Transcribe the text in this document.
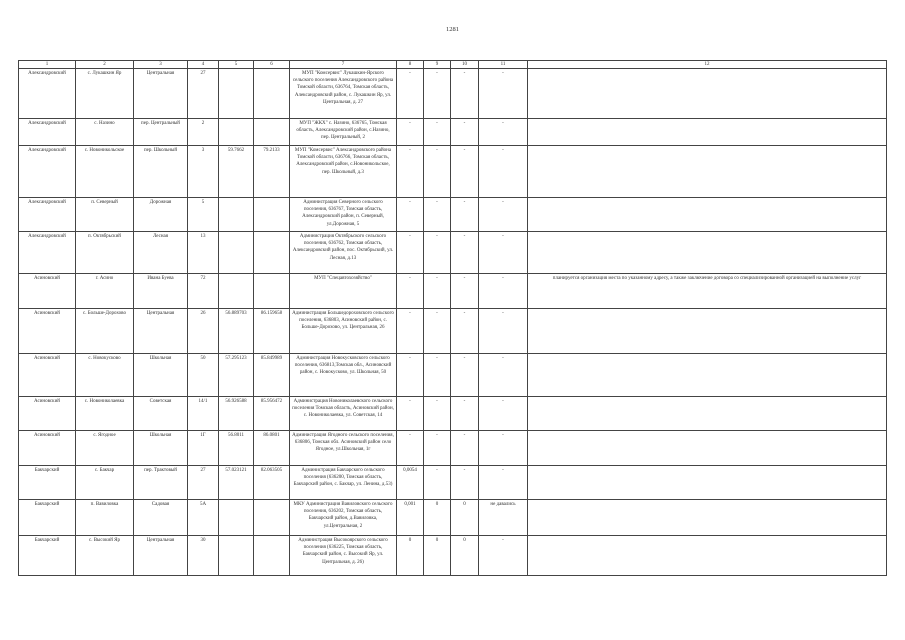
1281
1	2	3	4	5	6	7	8	9	10	11	12
Александровский	с. Лукашкин Яр	Центральная	27			МУП "Комсервис" Лукашкин-Ярского сельского поселения Александровского района Томской области, 636764, Томская область, Александровский район, с. Лукашкин Яр, ул. Центральная, д. 27	-	-	-	-	
Александровский	с. Назино	пер. Центральный	2			МУП "ЖКХ" с. Назино, 636765, Томская область, Александровский район, с.Назино, пер. Центральный, 2	-	-	-	-	
Александровский	с. Новоникольское	пер. Школьный	3	59.7662	79.2133	МУП "Комсервис" Александровского района Томской области, 636766, Томская область, Александровский район, с.Новоникольское, пер. Школьный, д.3	-	-	-	-	
Александровский	п. Северный	Дорожная	5			Администрация Северного сельского поселения, 636767, Томская область, Александровский район, п. Северный, ул.Дорожная, 5	-	-	-	-	
Александровский	п. Октябрьский	Лесная	13			Администрация Октябрьского сельского поселения, 636762, Томская область, Александровский район, пос. Октябрьский, ул. Лесная, д.13	-	-	-	-	
Асиновский	г. Асино	Ивана Буева	72			МУП "Спецавтохозяйство"	-	-	-	-	планируется организация места по указанному адресу, а также заключение договора со специализированной организацией на выполнение услуг
Асиновский	с. Больше-Дорохово	Центральная	26	56.889703	86.159658	Администрация Большедороховского сельского поселения, 636803, Асиновский район, с. Больше-Дорохово, ул. Центральная, 26	-	-	-	-	
Асиновский	с. Новокусково	Школьная	50	57.295123	85.849989	Администрация Новокусковского сельского поселения, 636813,Томская обл., Асиновский район, с. Новокусково, ул. Школьная, 50	-	-	-	-	
Асиновский	с. Новониколаевка	Советская	14/1	56.926588	85.956472	Администрация Новониколаевского сельского поселения Томская область, Асиновский район, с. Новониколаевка, ул. Советская, 14	-	-	-	-	
Асиновский	с. Ягодное	Школьная	1Г	56.8011	86.0801	Администрация Ягодного сельского поселения, 636806, Томская обл. Асиновский район село Ягодное, ул.Школьная, 1г	-	-	-	-	
Бакчарский	с. Бакчар	пер. Трактовый	27	57.023121	82.063505	Администрация Бакчарского сельского поселения (636200, Томская область, Бакчарский район, с. Бакчар, ул. Ленина, д.53)	0,0054	-	-	-	
Бакчарский	п. Вавиловка	Садовая	5А			МКУ Администрация Вавиловского сельского поселения, 636202, Томская область, Бакчарский район, д.Вавиловка, ул.Центральная, 2	0,001	0	0	не давались	
Бакчарский	с. Высокий Яр	Центральная	30			Администрация Высокоярского сельского поселения (636225, Томская область, Бакчарский район, с. Высокий Яр, ул. Центральная, д. 26)	0	0	0	-	
